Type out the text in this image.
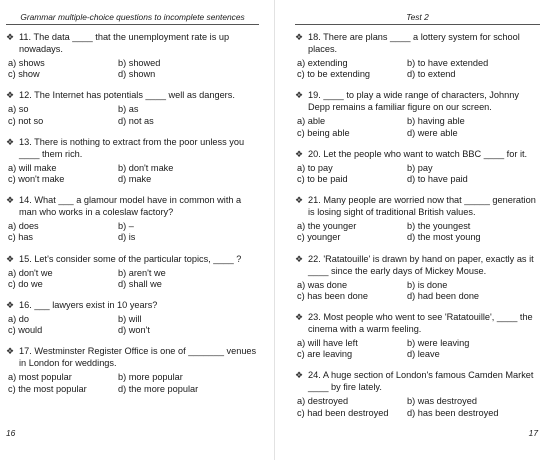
Grammar multiple-choice questions to incomplete sentences
❖ 11. The data ____ that the unemployment rate is up nowadays.
a) shows	b) showed
c) show	d) shown
❖ 12. The Internet has potentials ____ well as dangers.
a) so	b) as
c) not so	d) not as
❖ 13. There is nothing to extract from the poor unless you ____ them rich.
a) will make	b) don't make
c) won't make	d) make
❖ 14. What ___ a glamour model have in common with a man who works in a coleslaw factory?
a) does	b) –
c) has	d) is
❖ 15. Let's consider some of the particular topics, ____ ?
a) don't we	b) aren't we
c) do we	d) shall we
❖ 16. ___ lawyers exist in 10 years?
a) do	b) will
c) would	d) won't
❖ 17. Westminster Register Office is one of _______ venues in London for weddings.
a) most popular	b) more popular
c) the most popular	d) the more popular
16
Test 2
❖ 18. There are plans ____ a lottery system for school places.
a) extending	b) to have extended
c) to be extending	d) to extend
❖ 19. ____ to play a wide range of characters, Johnny Depp remains a familiar figure on our screen.
a) able	b) having able
c) being able	d) were able
❖ 20. Let the people who want to watch BBC ____ for it.
a) to pay	b) pay
c) to be paid	d) to have paid
❖ 21. Many people are worried now that _____ generation is losing sight of traditional British values.
a) the younger	b) the youngest
c) younger	d) the most young
❖ 22. 'Ratatouille' is drawn by hand on paper, exactly as it ____ since the early days of Mickey Mouse.
a) was done	b) is done
c) has been done	d) had been done
❖ 23. Most people who went to see 'Ratatouille', ____ the cinema with a warm feeling.
a) will have left	b) were leaving
c) are leaving	d) leave
❖ 24. A huge section of London's famous Camden Market ____ by fire lately.
a) destroyed	b) was destroyed
c) had been destroyed	d) has been destroyed
17
